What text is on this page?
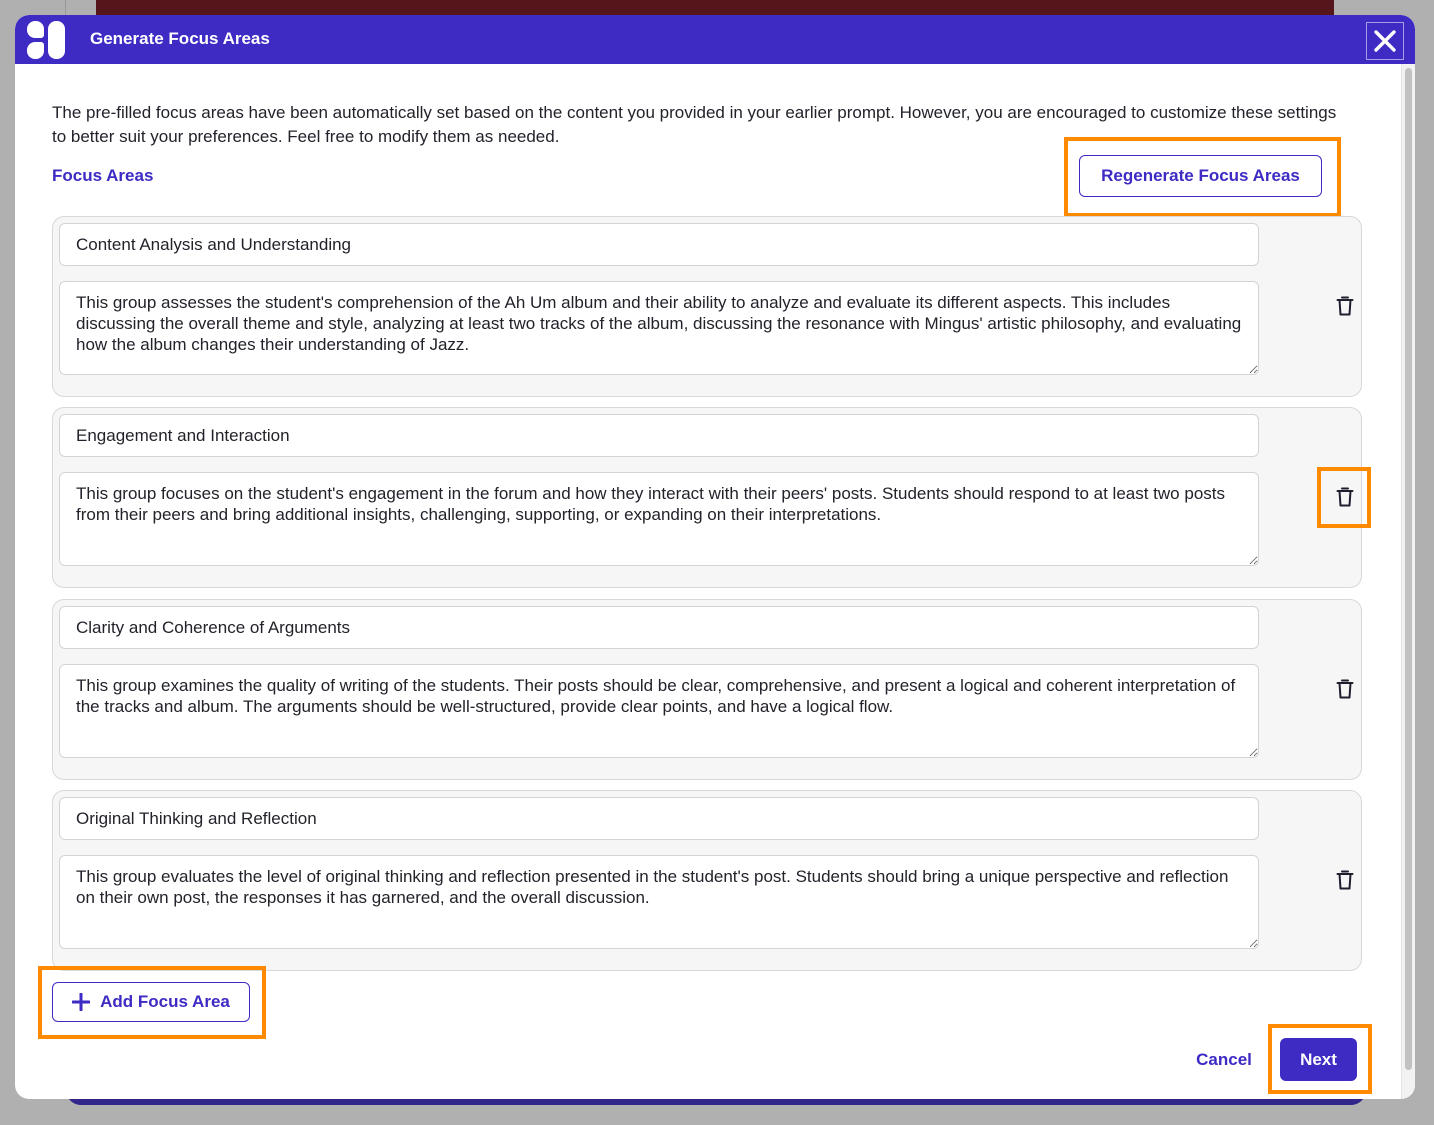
Generate Focus Areas
The pre-filled focus areas have been automatically set based on the content you provided in your earlier prompt. However, you are encouraged to customize these settings to better suit your preferences. Feel free to modify them as needed.
Focus Areas	Regenerate Focus Areas
Content Analysis and Understanding
This group assesses the student's comprehension of the Ah Um album and their ability to analyze and evaluate its different aspects. This includes discussing the overall theme and style, analyzing at least two tracks of the album, discussing the resonance with Mingus' artistic philosophy, and evaluating how the album changes their understanding of Jazz.
Engagement and Interaction
This group focuses on the student's engagement in the forum and how they interact with their peers' posts. Students should respond to at least two posts from their peers and bring additional insights, challenging, supporting, or expanding on their interpretations.
Clarity and Coherence of Arguments
This group examines the quality of writing of the students. Their posts should be clear, comprehensive, and present a logical and coherent interpretation of the tracks and album. The arguments should be well-structured, provide clear points, and have a logical flow.
Original Thinking and Reflection
This group evaluates the level of original thinking and reflection presented in the student's post. Students should bring a unique perspective and reflection on their own post, the responses it has garnered, and the overall discussion.
Add Focus Area
Cancel	Next
